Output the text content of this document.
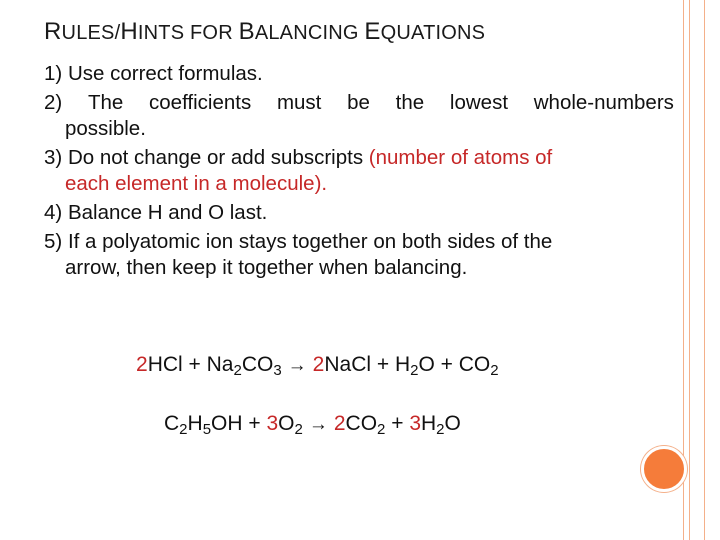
RULES/HINTS FOR BALANCING EQUATIONS

1) Use correct formulas.

2) The coefficients must be the lowest whole-numbers
possible.

3) Do not change or add subscripts (number of atoms of
each element in a molecule).

4) Balance H and O last.

5) If a polyatomic ion stays together on both sides of the
arrow, then keep it together when balancing.

$2HCl + Na_2CO_3$ → 2NaCl + $H_2O + CO_2$
$C_2H_5OH + 3O_2 \to 2CO_2 + 3H_2O$
